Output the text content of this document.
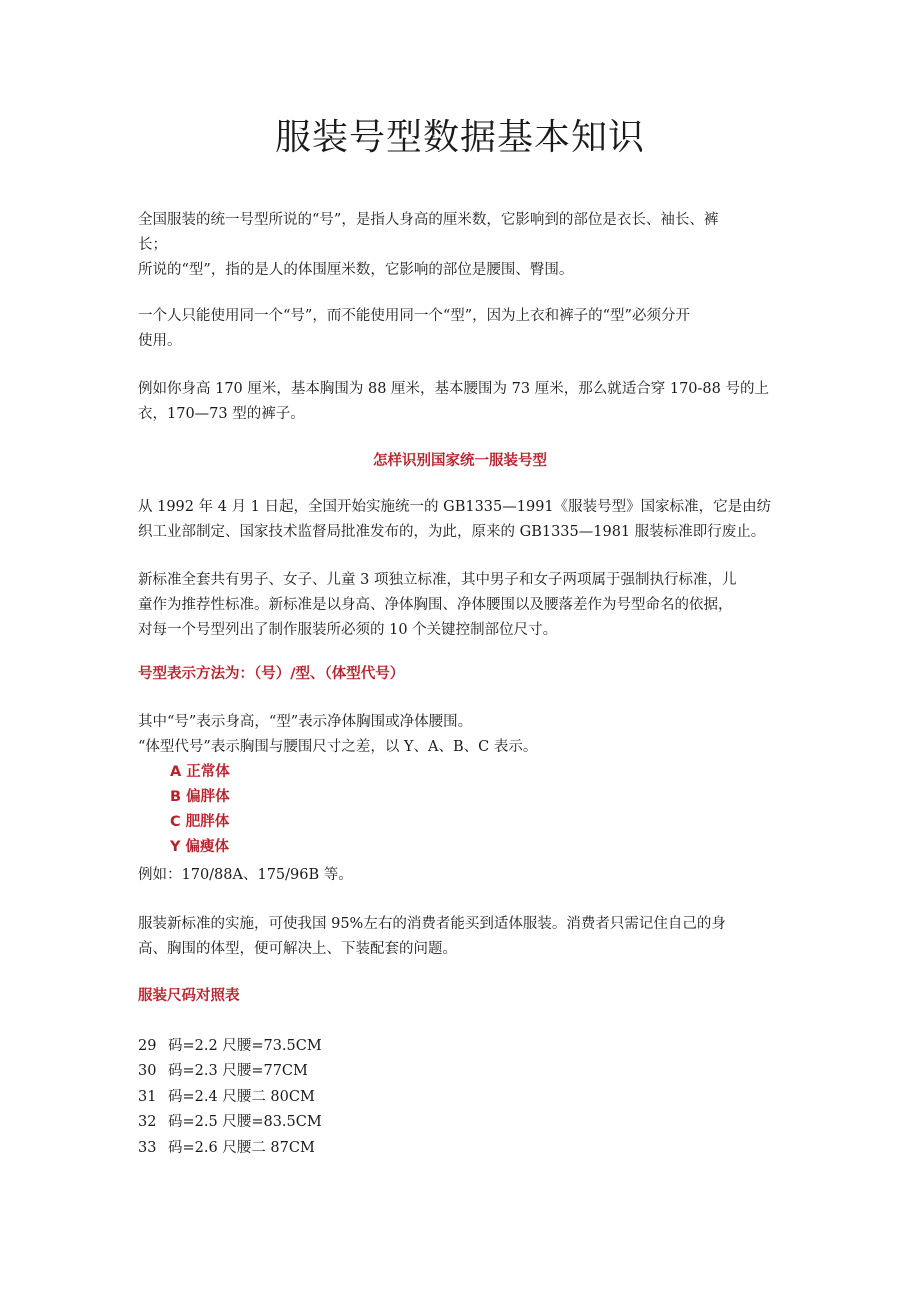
服装号型数据基本知识

全国服装的统一号型所说的“号”，是指人身高的厘米数，它影响到的部位是衣长、袖长、裤
长；
所说的“型”，指的是人的体围厘米数，它影响的部位是腰围、臀围。

一个人只能使用同一个“号”，而不能使用同一个“型”，因为上衣和裤子的“型”必须分开
使用。

例如你身高 170 厘米，基本胸围为 88 厘米，基本腰围为 73 厘米，那么就适合穿 170-88 号的上
衣，170—73 型的裤子。

怎样识别国家统一服装号型

从 1992 年 4 月 1 日起，全国开始实施统一的 GB1335—1991《服装号型》国家标准，它是由纺
织工业部制定、国家技术监督局批准发布的，为此，原来的 GB1335—1981 服装标准即行废止。

新标准全套共有男子、女子、儿童 3 项独立标准，其中男子和女子两项属于强制执行标准，儿
童作为推荐性标准。新标准是以身高、净体胸围、净体腰围以及腰落差作为号型命名的依据，
对每一个号型列出了制作服装所必须的 10 个关键控制部位尺寸。

号型表示方法为：（号）/型、（体型代号）

其中“号”表示身高，“型”表示净体胸围或净体腰围。
“体型代号”表示胸围与腰围尺寸之差，以 Y、A、B、C 表示。

A 正常体

B 偏胖体

C 肥胖体

Y 偏瘦体

例如：170/88A、175/96B 等。

服装新标准的实施，可使我国 95%左右的消费者能买到适体服装。消费者只需记住自己的身
高、胸围的体型，便可解决上、下装配套的问题。

服装尺码对照表

29 码=2.2 尺腰=73.5CM

30 码=2.3 尺腰=77CM

31 码=2.4 尺腰二 80CM

32 码=2.5 尺腰=83.5CM

33 码=2.6 尺腰二 87CM
